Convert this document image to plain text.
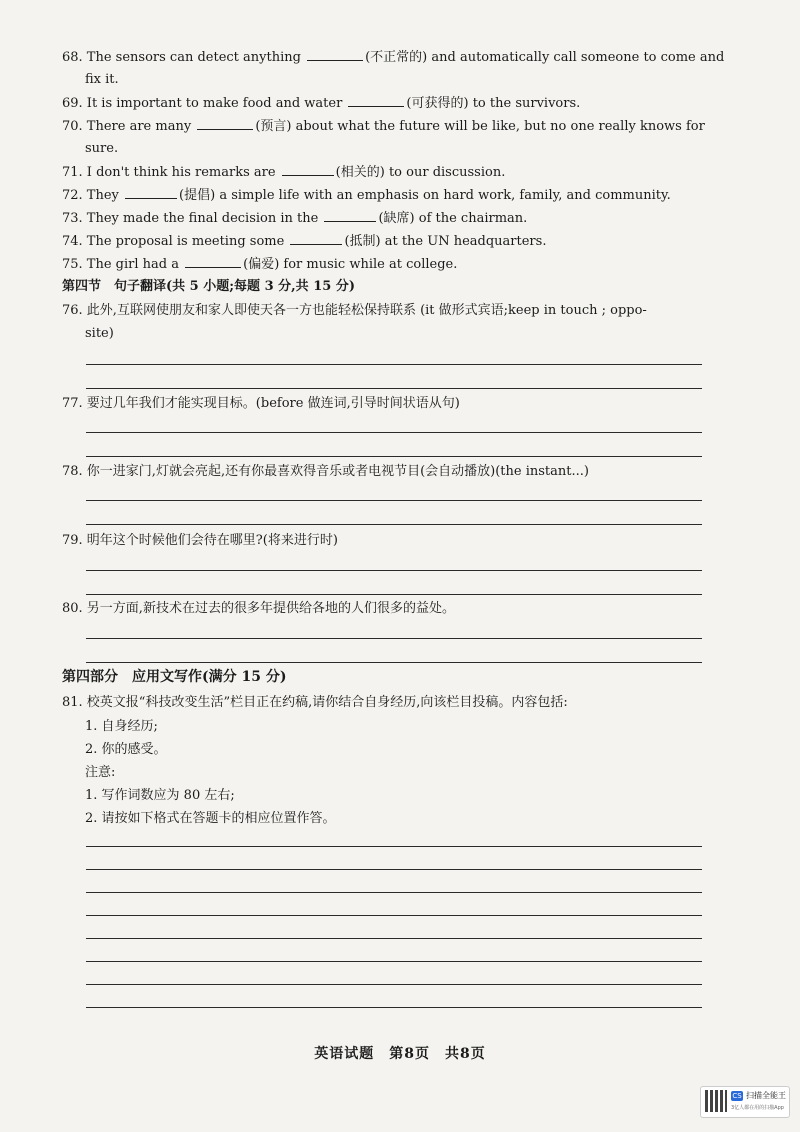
68. The sensors can detect anything	(不正常的) and automatically call someone to come and
fix it.
69. It is important to make food and water	(可获得的) to the survivors.
70. There are many	(预言) about what the future will be like, but no one really knows for
sure.
71. I don't think his remarks are	(相关的) to our discussion.
72. They	(提倡) a simple life with an emphasis on hard work, family, and community.
73. They made the final decision in the	(缺席) of the chairman.
74. The proposal is meeting some	(抵制) at the UN headquarters.
75. The girl had a	(偏爱) for music while at college.
第四节　句子翻译(共 5 小题;每题 3 分,共 15 分)
76. 此外,互联网使朋友和家人即使天各一方也能轻松保持联系 (it 做形式宾语;keep in touch ; oppo-
site)
77. 要过几年我们才能实现目标。(before 做连词,引导时间状语从句)
78. 你一进家门,灯就会亮起,还有你最喜欢得音乐或者电视节目(会自动播放)(the instant...)
79. 明年这个时候他们会待在哪里?(将来进行时)
80. 另一方面,新技术在过去的很多年提供给各地的人们很多的益处。
第四部分　应用文写作(满分 15 分)
81. 校英文报“科技改变生活”栏目正在约稿,请你结合自身经历,向该栏目投稿。内容包括:
1. 自身经历;
2. 你的感受。
注意:
1. 写作词数应为 80 左右;
2. 请按如下格式在答题卡的相应位置作答。
英语试题　第8页　共8页
CS 扫描全能王
3亿人都在用的扫描App
